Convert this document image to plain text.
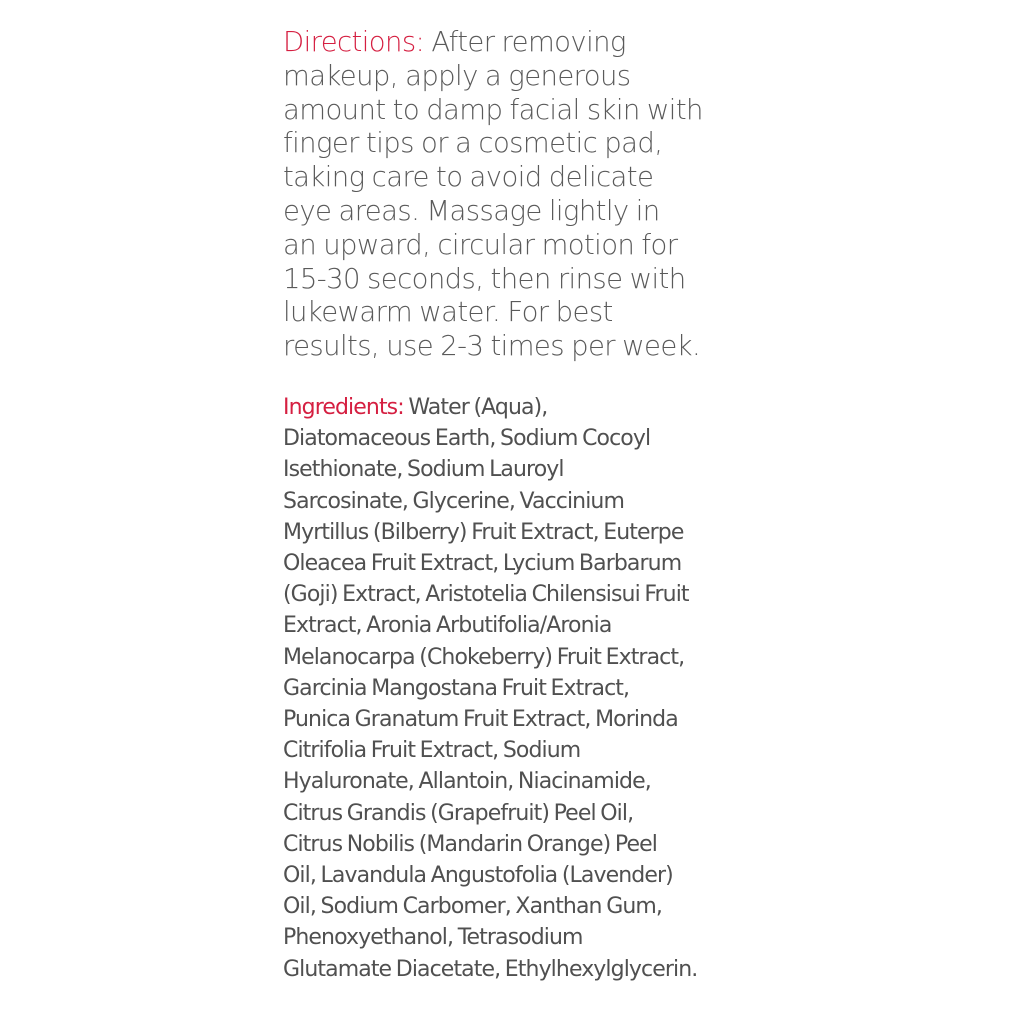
Directions: After removing
makeup, apply a generous
amount to damp facial skin with
finger tips or a cosmetic pad,
taking care to avoid delicate
eye areas. Massage lightly in
an upward, circular motion for
15-30 seconds, then rinse with
lukewarm water. For best
results, use 2-3 times per week.
Ingredients: Water (Aqua),
Diatomaceous Earth, Sodium Cocoyl
Isethionate, Sodium Lauroyl
Sarcosinate, Glycerine, Vaccinium
Myrtillus (Bilberry) Fruit Extract, Euterpe
Oleacea Fruit Extract, Lycium Barbarum
(Goji) Extract, Aristotelia Chilensisui Fruit
Extract, Aronia Arbutifolia/Aronia
Melanocarpa (Chokeberry) Fruit Extract,
Garcinia Mangostana Fruit Extract,
Punica Granatum Fruit Extract, Morinda
Citrifolia Fruit Extract, Sodium
Hyaluronate, Allantoin, Niacinamide,
Citrus Grandis (Grapefruit) Peel Oil,
Citrus Nobilis (Mandarin Orange) Peel
Oil, Lavandula Angustofolia (Lavender)
Oil, Sodium Carbomer, Xanthan Gum,
Phenoxyethanol, Tetrasodium
Glutamate Diacetate, Ethylhexylglycerin.
